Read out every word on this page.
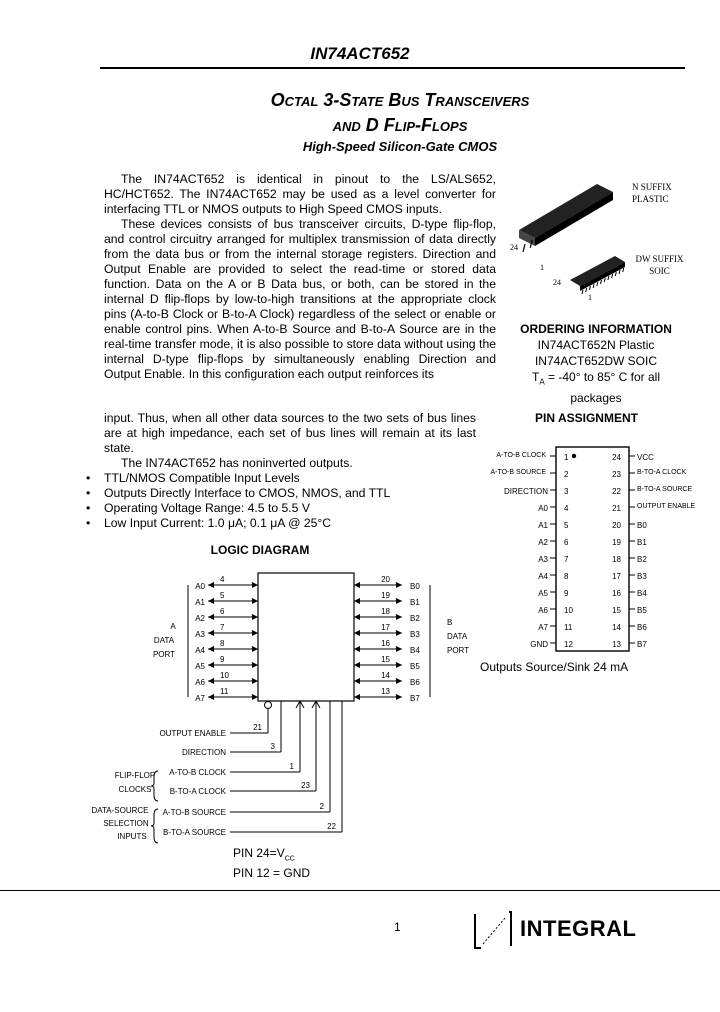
IN74ACT652
Octal 3-State Bus Transceivers
and D Flip-Flops
High-Speed Silicon-Gate CMOS

The IN74ACT652 is identical in pinout to the LS/ALS652, HC/HCT652. The IN74ACT652 may be used as a level converter for interfacing TTL or NMOS outputs to High Speed CMOS inputs.

These devices consists of bus transceiver circuits, D-type flip-flop, and control circuitry arranged for multiplex transmission of data directly from the data bus or from the internal storage registers. Direction and Output Enable are provided to select the read-time or stored data function. Data on the A or B Data bus, or both, can be stored in the internal D flip-flops by low-to-high transitions at the appropriate clock pins (A-to-B Clock or B-to-A Clock) regardless of the select or enable or enable control pins. When A-to-B Source and B-to-A Source are in the real-time transfer mode, it is also possible to store data without using the internal D-type flip-flops by simultaneously enabling Direction and Output Enable. In this configuration each output reinforces its

input. Thus, when all other data sources to the two sets of bus lines are at high impedance, each set of bus lines will remain at its last state.

The IN74ACT652 has noninverted outputs.

• TTL/NMOS Compatible Input Levels
• Outputs Directly Interface to CMOS, NMOS, and TTL
• Operating Voltage Range: 4.5 to 5.5 V
• Low Input Current: 1.0 μA; 0.1 μA @ 25°C
24
1
24
1
N SUFFIX
PLASTIC
DW SUFFIX
SOIC
ORDERING INFORMATION
IN74ACT652N Plastic
IN74ACT652DW SOIC
$T_A = -40^\circ$ to 85° C for all
packages
PIN ASSIGNMENT
A-TO-B CLOCK 1
A-TO-B SOURCE 2
DIRECTION 3
A0 4
A1 5
A2 6
A3 7
A4 8
A5 9
A6 10
A7 11
GND 12
24 VCC
23 B-TO-A CLOCK
22 B-TO-A SOURCE
21 OUTPUT ENABLE
20 B0
19 B1
18 B2
17 B3
16 B4
15 B5
14 B6
13 B7
Outputs Source/Sink 24 mA
LOGIC DIAGRAM
A0
4
A1
5
A2
6
A3
7
A4
8
A5
9
A6
10
A7
11
B0
20
B1
19
B2
18
B3
17
B4
16
B5
15
B6
14
B7
13
OUTPUT ENABLE
21
DIRECTION
3
A-TO-B CLOCK
1
B-TO-A CLOCK
23
A-TO-B SOURCE
2
B-TO-A SOURCE
22
A
DATA
PORT
B
DATA
PORT
FLIP-FLOP
CLOCKS
DATA-SOURCE
SELECTION
INPUTS
PIN $24=V_{CC}$
PIN 12 = GND
1	INTEGRAL
